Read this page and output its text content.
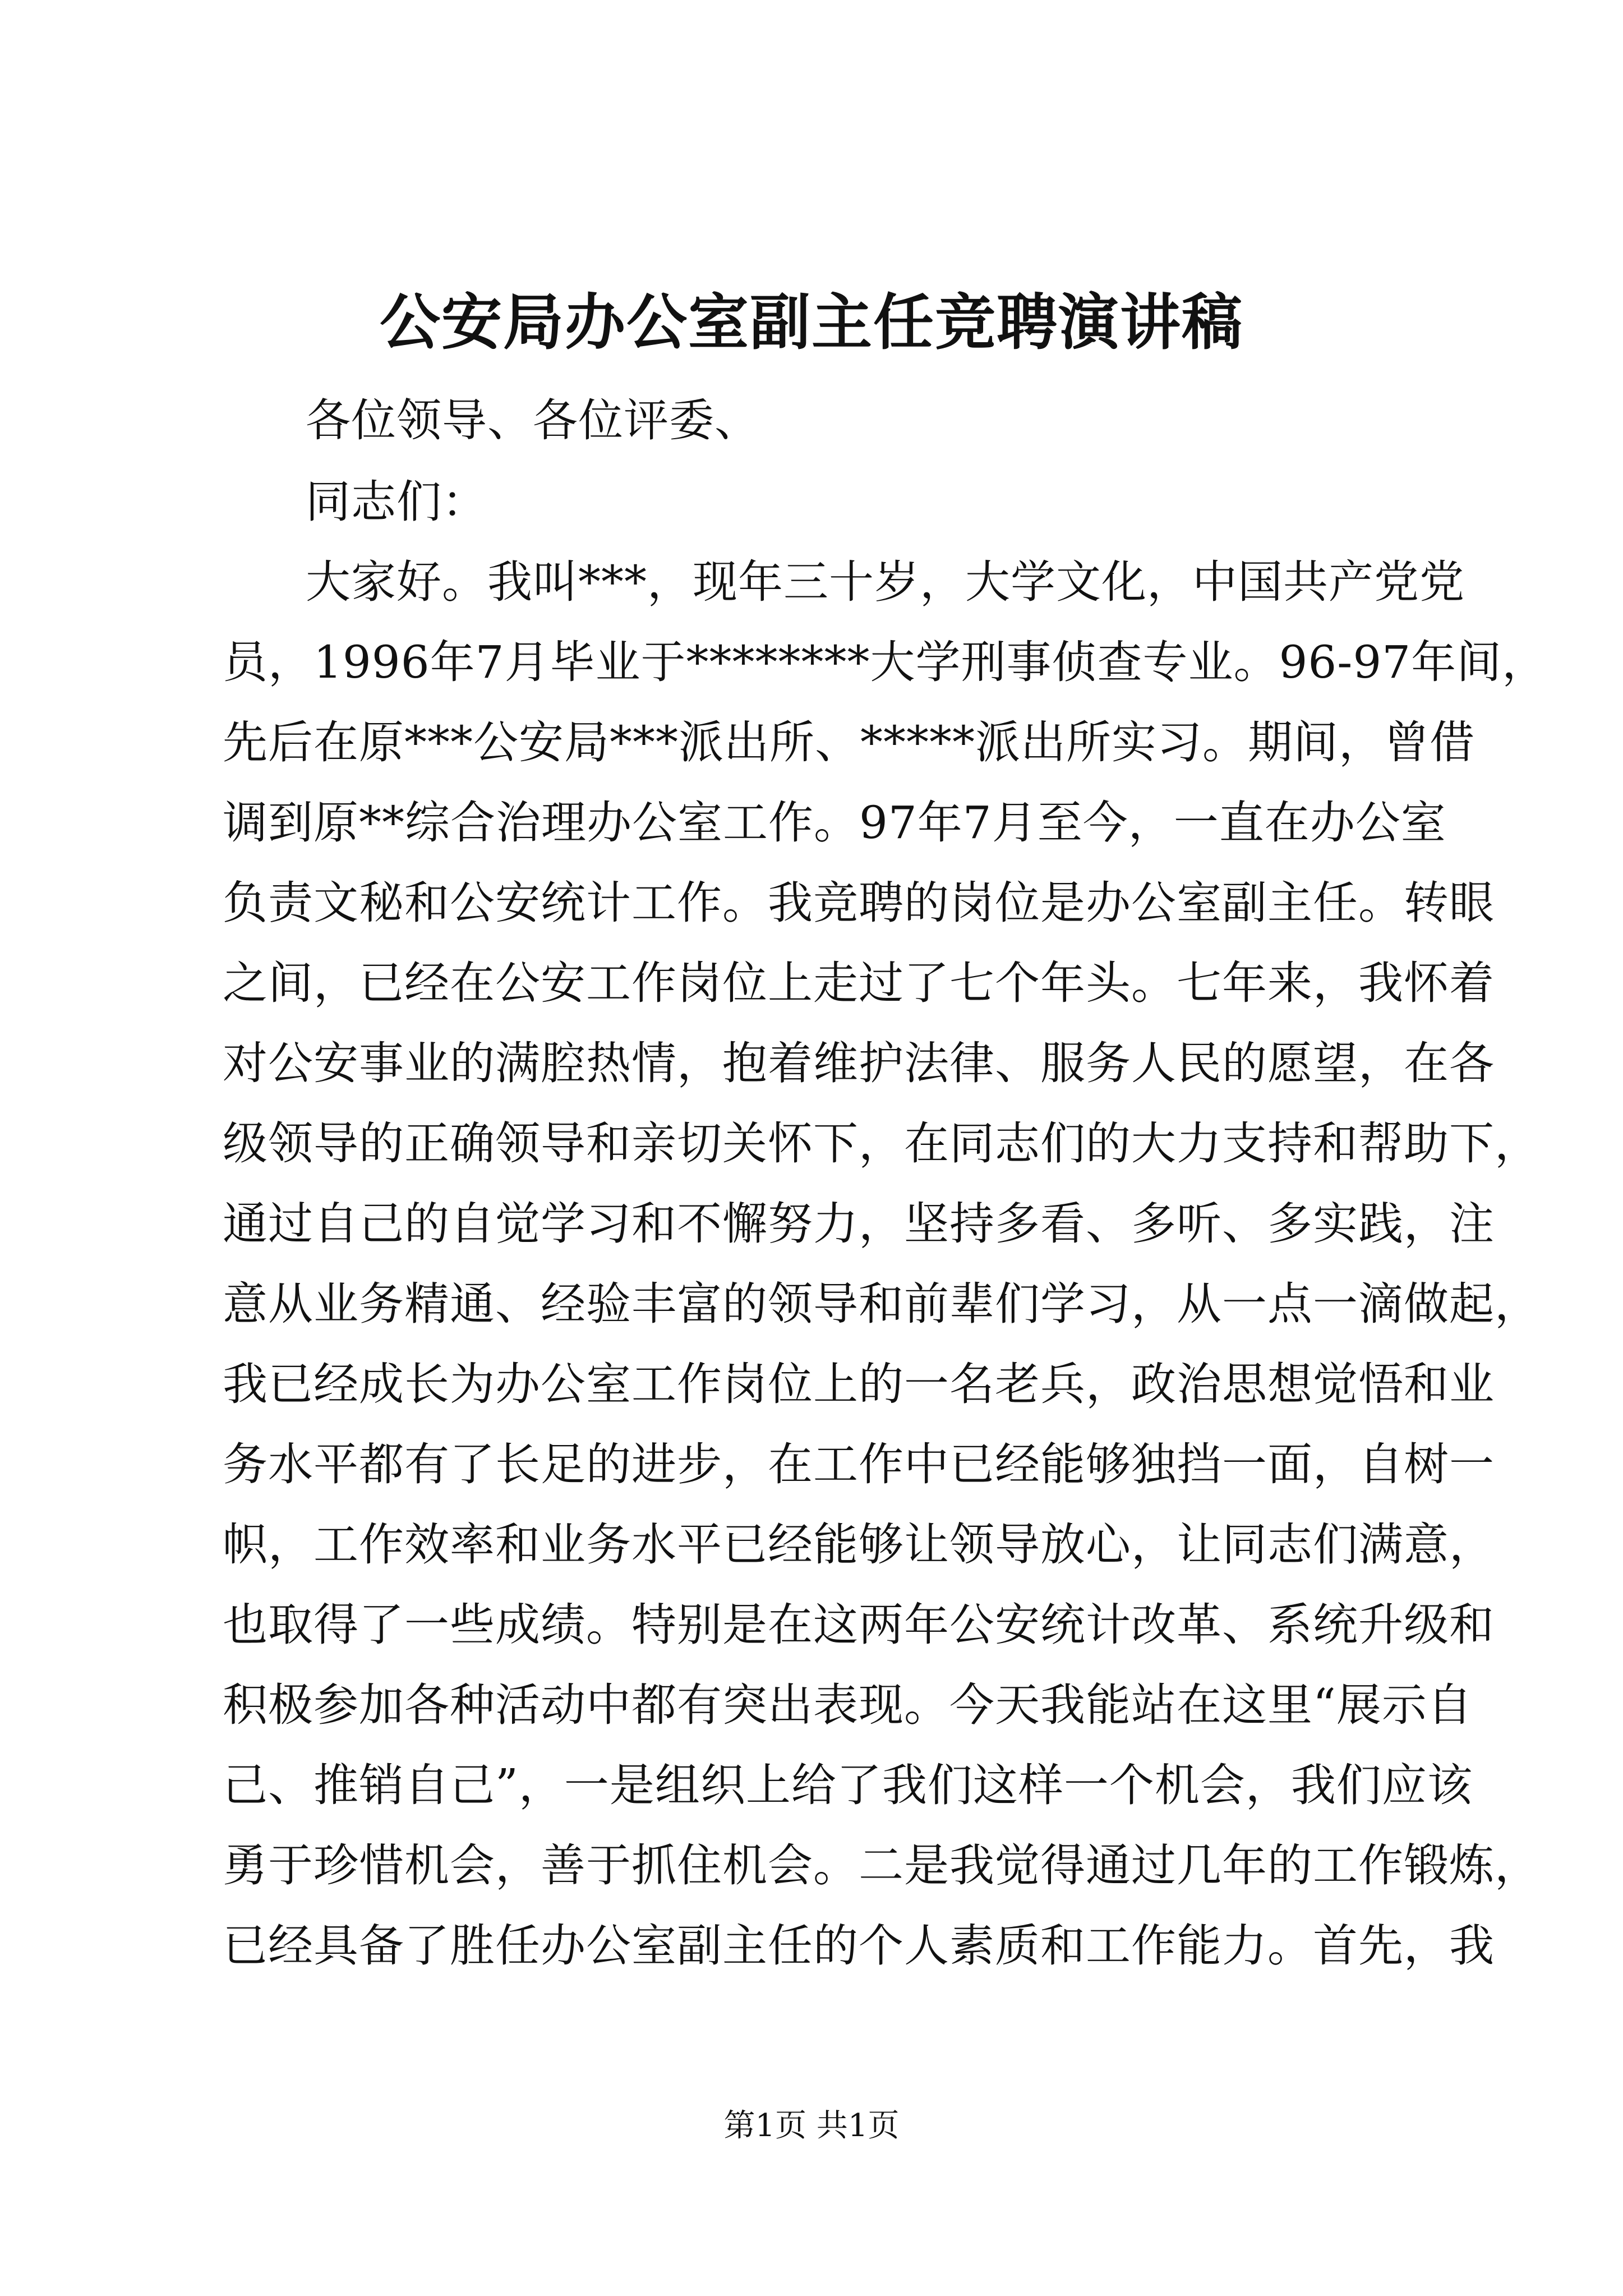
公安局办公室副主任竞聘演讲稿
各位领导、各位评委、
同志们：
大家好。我叫***，现年三十岁，大学文化，中国共产党党
员，1996年7月毕业于********大学刑事侦查专业。96-97年间，
先后在原***公安局***派出所、*****派出所实习。期间，曾借
调到原**综合治理办公室工作。97年7月至今，一直在办公室
负责文秘和公安统计工作。我竞聘的岗位是办公室副主任。转眼
之间，已经在公安工作岗位上走过了七个年头。七年来，我怀着
对公安事业的满腔热情，抱着维护法律、服务人民的愿望，在各
级领导的正确领导和亲切关怀下，在同志们的大力支持和帮助下，
通过自己的自觉学习和不懈努力，坚持多看、多听、多实践，注
意从业务精通、经验丰富的领导和前辈们学习，从一点一滴做起，
我已经成长为办公室工作岗位上的一名老兵，政治思想觉悟和业
务水平都有了长足的进步，在工作中已经能够独挡一面，自树一
帜，工作效率和业务水平已经能够让领导放心，让同志们满意，
也取得了一些成绩。特别是在这两年公安统计改革、系统升级和
积极参加各种活动中都有突出表现。今天我能站在这里“展示自
己、推销自己”，一是组织上给了我们这样一个机会，我们应该
勇于珍惜机会，善于抓住机会。二是我觉得通过几年的工作锻炼，
已经具备了胜任办公室副主任的个人素质和工作能力。首先，我
第1页 共1页
